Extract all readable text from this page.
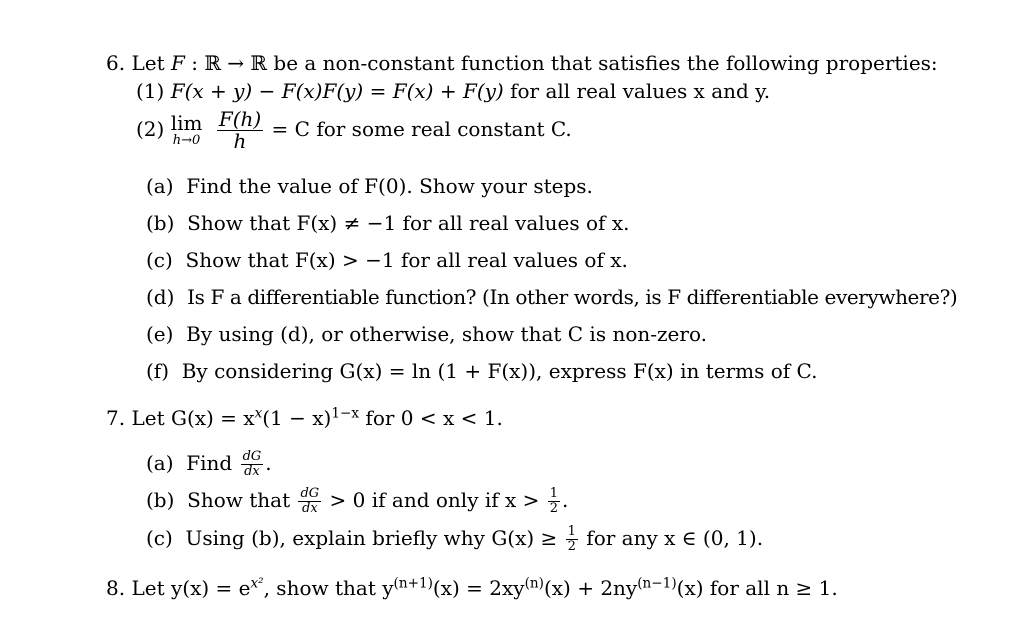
6. Let F : ℝ → ℝ be a non-constant function that satisfies the following properties:
(1) F(x + y) − F(x)F(y) = F(x) + F(y) for all real values x and y.
(2) lim
h→0
$\frac{F(h)}{h} = C$ for some real constant C.
(a) Find the value of F(0). Show your steps.
(b) Show that F(x) ≠ −1 for all real values of x.
(c) Show that F(x) > −1 for all real values of x.
(d) Is F a differentiable function? (In other words, is F differentiable everywhere?)
(e) By using (d), or otherwise, show that C is non-zero.
(f) By considering G(x) = ln (1 + F(x)), express F(x) in terms of C.
7. Let $G(x) = x^x(1 - x)^{1-x}$ for 0 < x < 1.
(a) Find $\frac{dG}{dx}$ .
(b) Show that $\frac{dG}{dx} > 0$ if and only if $x > \frac{1}{2}$ .
(c) Using (b), explain briefly why $G(x) \ge \frac{1}{2}$ for any x ∈ (0, 1).
8. Let $y(x) = e^{x^2}$, show that $y^{(n+1)}(x) = 2xy^{(n)}(x) + 2ny^{(n-1)}(x)$ for all n ≥ 1.
